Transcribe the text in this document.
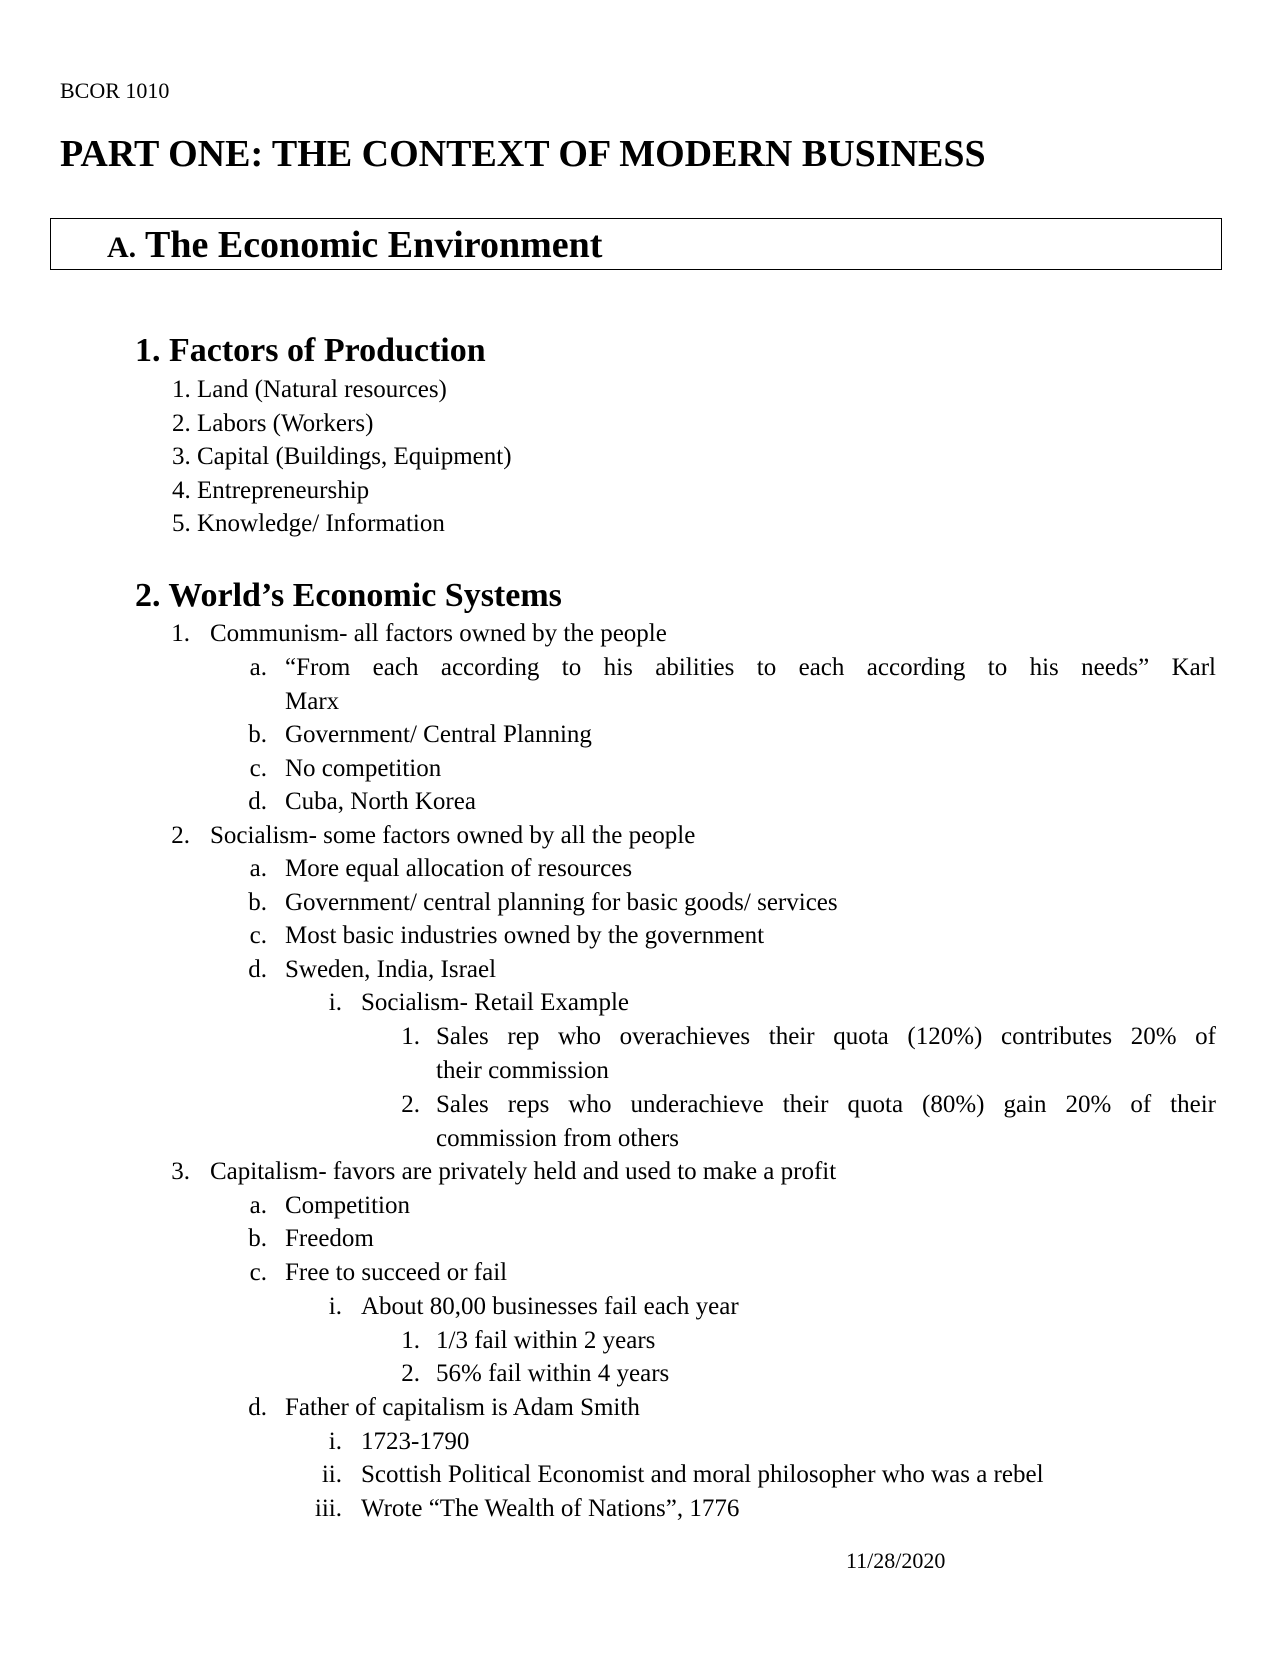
BCOR 1010
PART ONE: THE CONTEXT OF MODERN BUSINESS
A. The Economic Environment
1. Factors of Production
1. Land (Natural resources)
2. Labors (Workers)
3. Capital (Buildings, Equipment)
4. Entrepreneurship
5. Knowledge/ Information
2. World’s Economic Systems
1. Communism- all factors owned by the people
a. “From each according to his abilities to each according to his needs” Karl
Marx
b. Government/ Central Planning
c. No competition
d. Cuba, North Korea
2. Socialism- some factors owned by all the people
a. More equal allocation of resources
b. Government/ central planning for basic goods/ services
c. Most basic industries owned by the government
d. Sweden, India, Israel
i. Socialism- Retail Example
1. Sales rep who overachieves their quota (120%) contributes 20% of
their commission
2. Sales reps who underachieve their quota (80%) gain 20% of their
commission from others
3. Capitalism- favors are privately held and used to make a profit
a. Competition
b. Freedom
c. Free to succeed or fail
i. About 80,00 businesses fail each year
1. 1/3 fail within 2 years
2. 56% fail within 4 years
d. Father of capitalism is Adam Smith
i. 1723-1790
ii. Scottish Political Economist and moral philosopher who was a rebel
iii. Wrote “The Wealth of Nations”, 1776
11/28/2020
